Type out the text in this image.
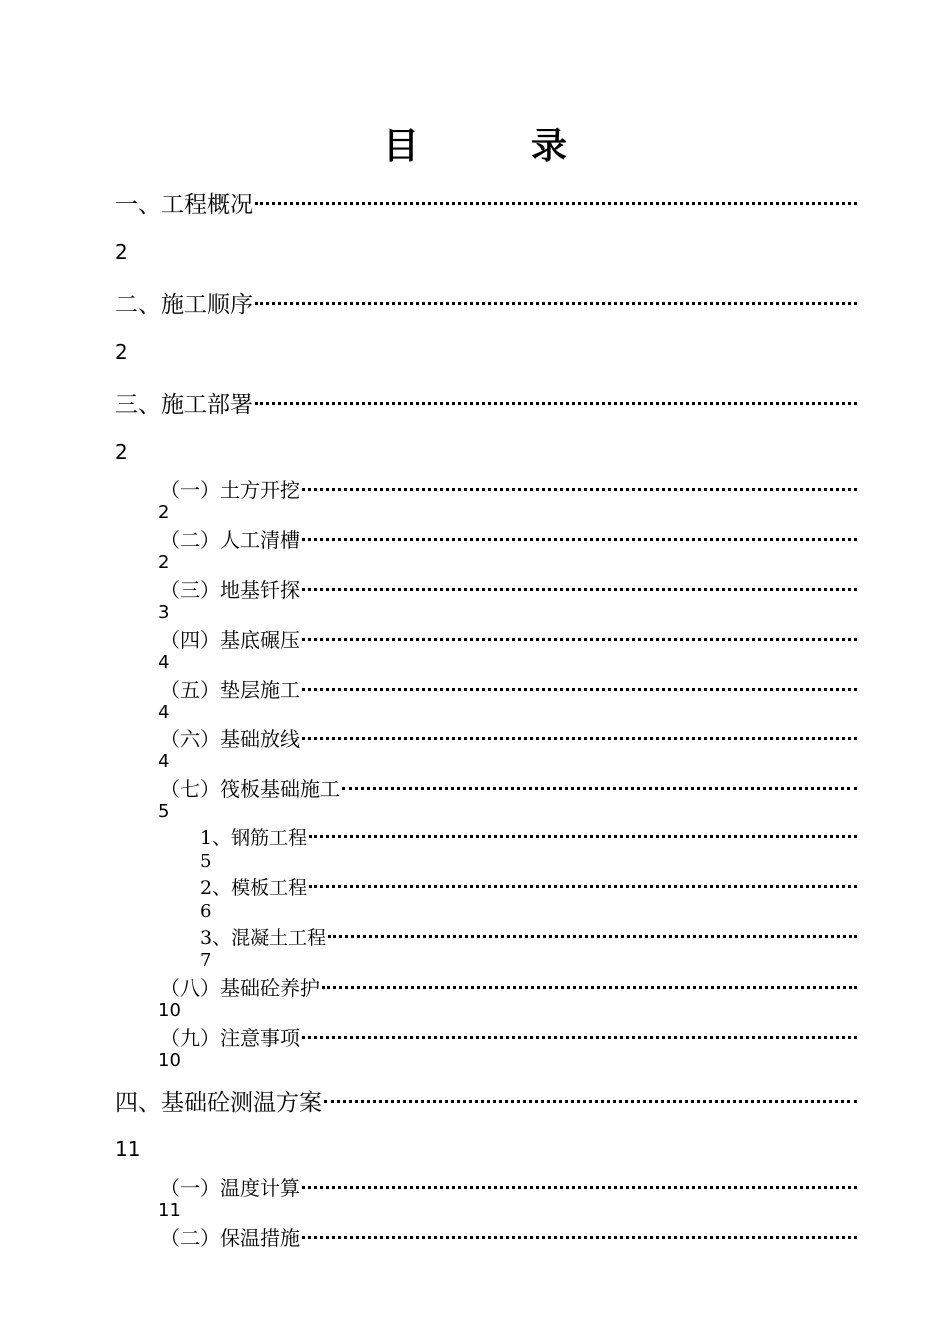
目	录
一、工程概况
2
二、施工顺序
2
三、施工部署
2
（一）土方开挖
2
（二）人工清槽
2
（三）地基钎探
3
（四）基底碾压
4
（五）垫层施工
4
（六）基础放线
4
（七）筏板基础施工
5
1、钢筋工程
5
2、模板工程
6
3、混凝土工程
7
（八）基础砼养护
10
（九）注意事项
10
四、基础砼测温方案
11
（一）温度计算
11
（二）保温措施
